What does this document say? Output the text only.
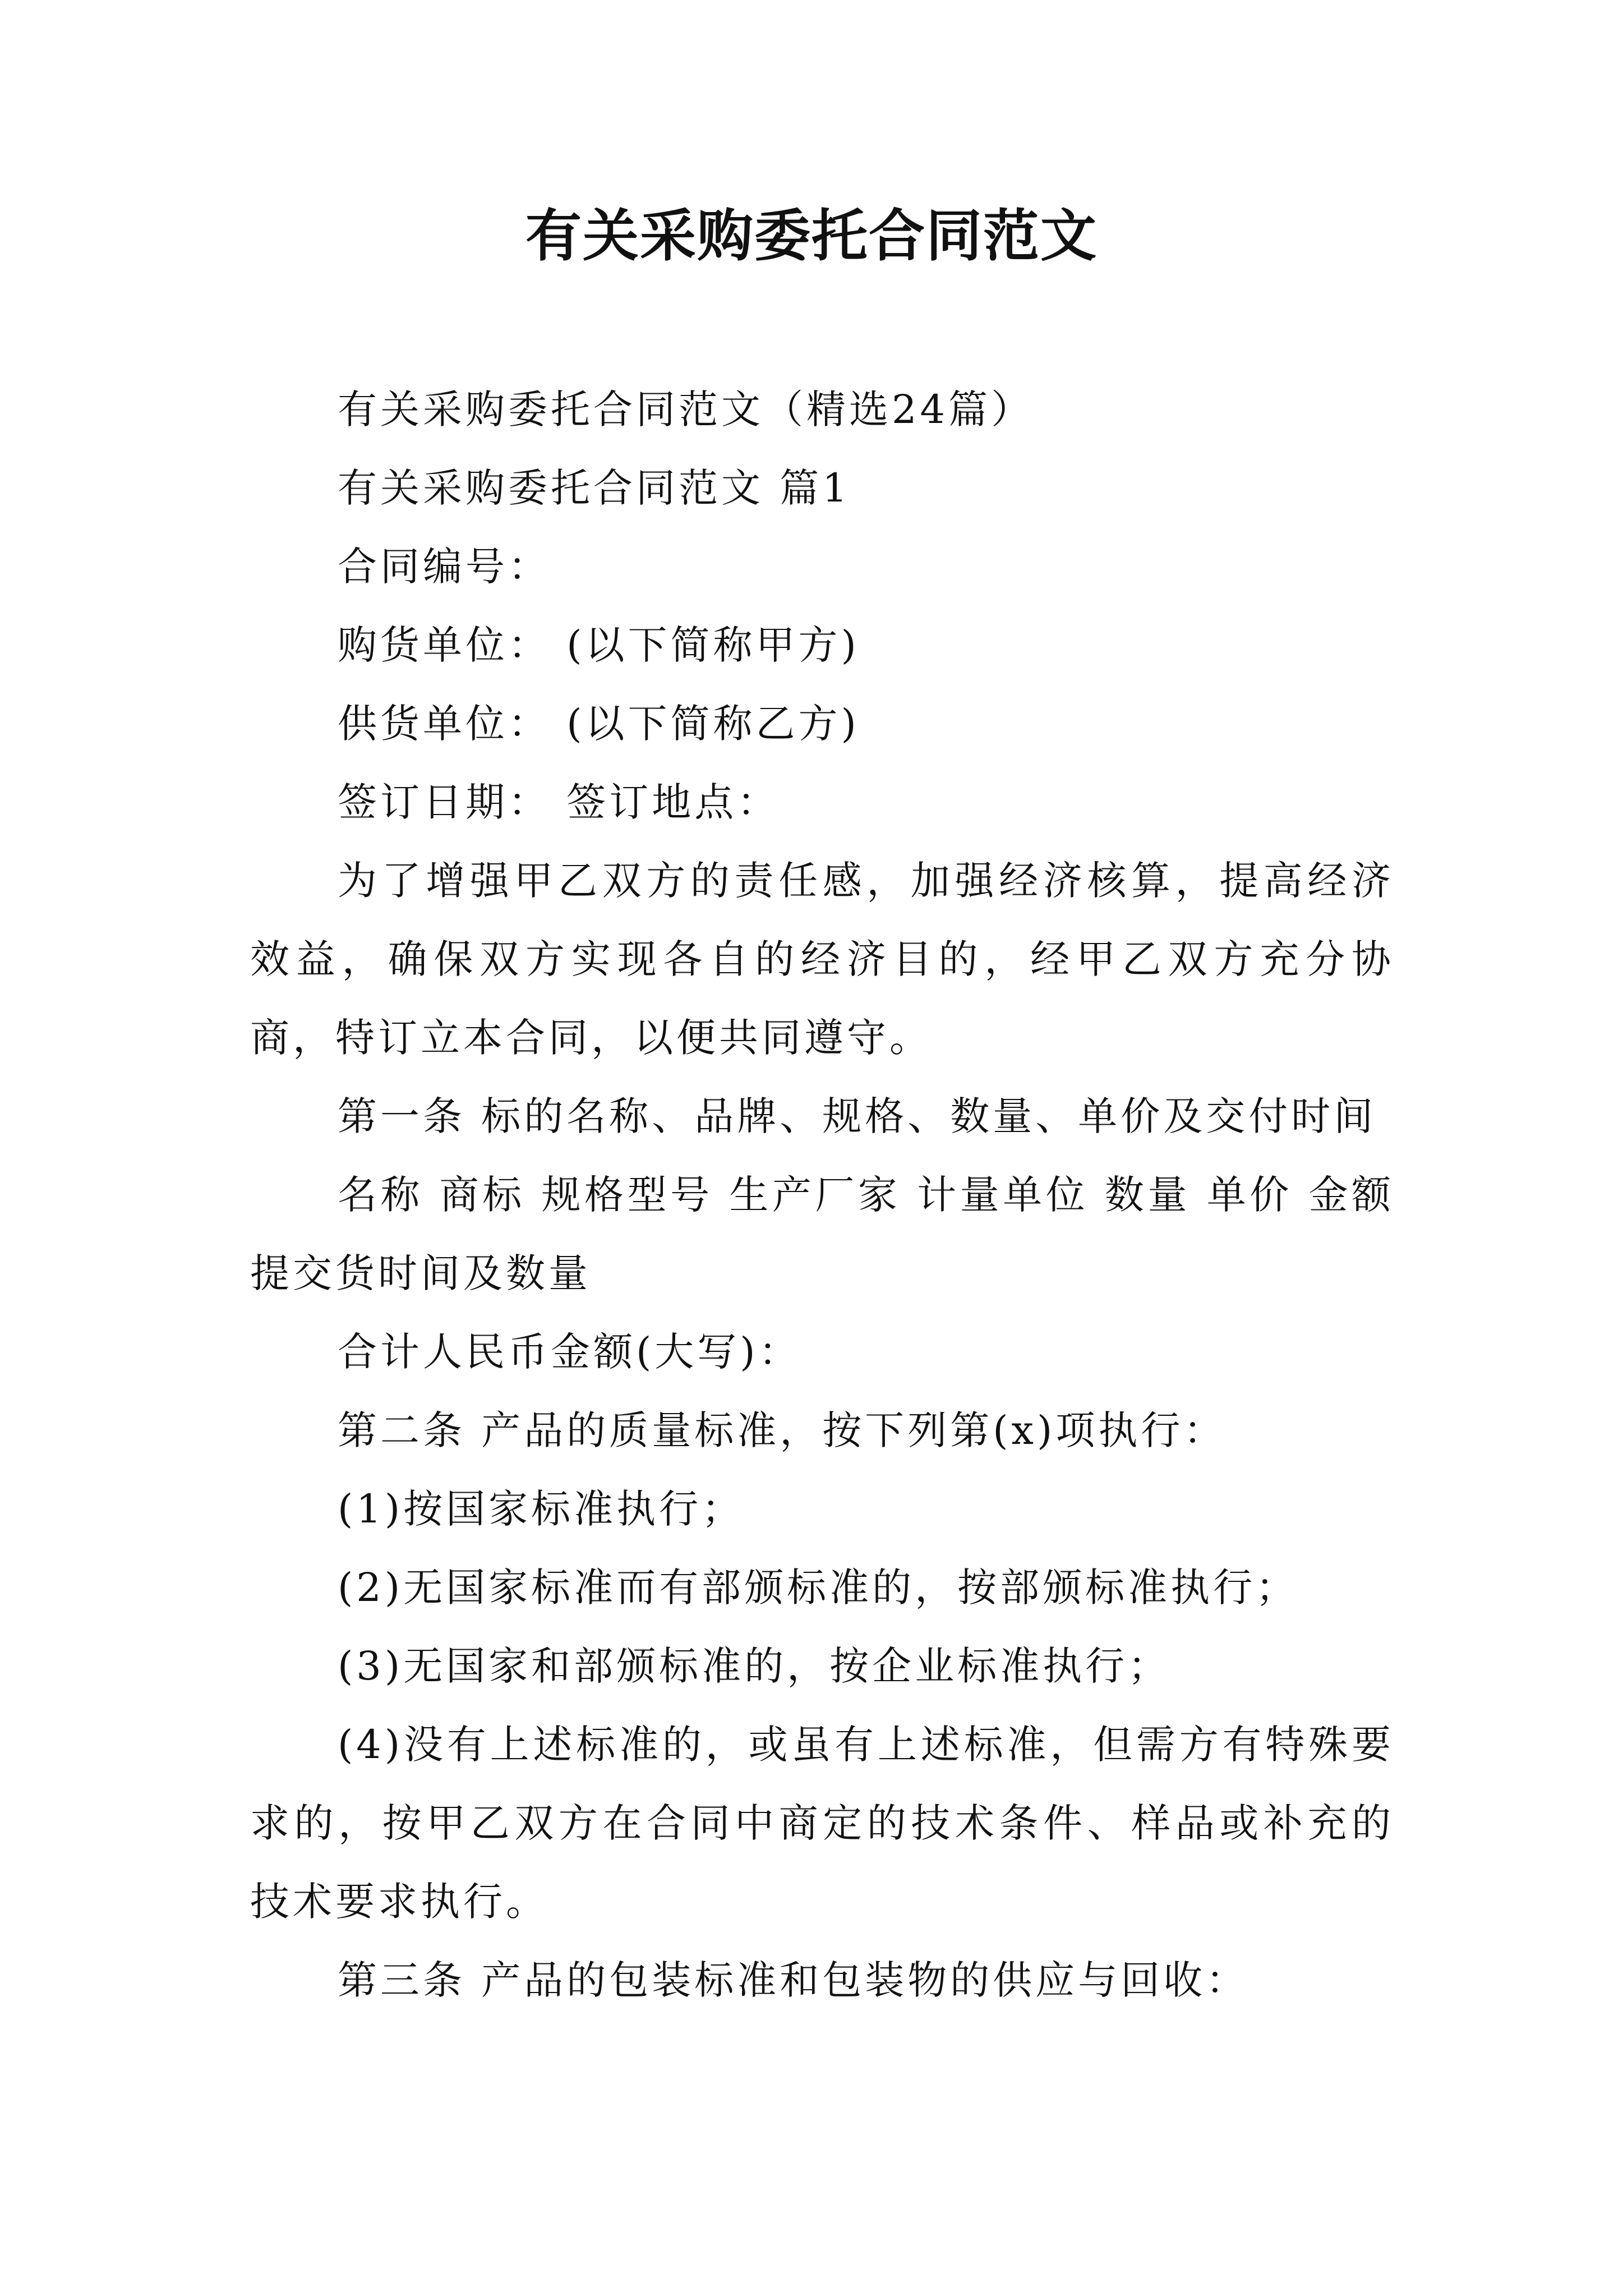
有关采购委托合同范文

有关采购委托合同范文（精选24篇）

有关采购委托合同范文 篇1

合同编号：

购货单位： (以下简称甲方)

供货单位： (以下简称乙方)

签订日期： 签订地点：

为了增强甲乙双方的责任感，加强经济核算，提高经济效益，确保双方实现各自的经济目的，经甲乙双方充分协商，特订立本合同，以便共同遵守。

第一条 标的名称、品牌、规格、数量、单价及交付时间

名称 商标 规格型号 生产厂家 计量单位 数量 单价 金额 提交货时间及数量

合计人民币金额(大写)：

第二条 产品的质量标准，按下列第(x)项执行：

(1)按国家标准执行；

(2)无国家标准而有部颁标准的，按部颁标准执行；

(3)无国家和部颁标准的，按企业标准执行；

(4)没有上述标准的，或虽有上述标准，但需方有特殊要求的，按甲乙双方在合同中商定的技术条件、样品或补充的技术要求执行。

第三条 产品的包装标准和包装物的供应与回收：
